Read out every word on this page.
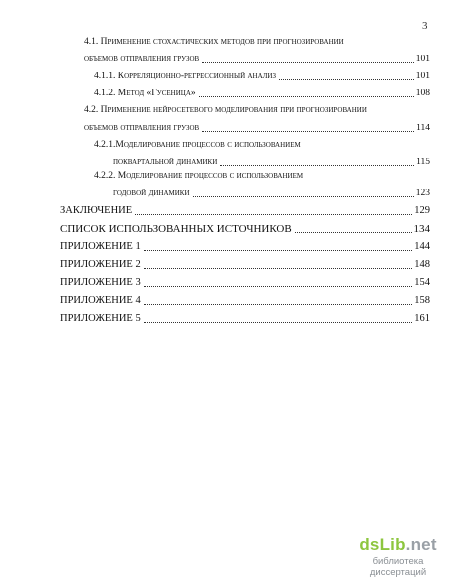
3
4.1. Применение стохастических методов при прогнозировании
объемов отправления грузов	101
4.1.1. Корреляционно-регрессионный анализ	101
4.1.2. Метод «Гусеница»	108
4.2. Применение нейросетевого моделирования при прогнозировании
объемов отправления грузов	114
4.2.1.Моделирование процессов с использованием
поквартальной динамики	115
4.2.2. Моделирование процессов с использованием
годовой динамики	123
ЗАКЛЮЧЕНИЕ	129
СПИСОК ИСПОЛЬЗОВАННЫХ ИСТОЧНИКОВ	134
ПРИЛОЖЕНИЕ 1	144
ПРИЛОЖЕНИЕ 2	148
ПРИЛОЖЕНИЕ 3	154
ПРИЛОЖЕНИЕ 4	158
ПРИЛОЖЕНИЕ 5	161
dsLib.net
библиотека диссертаций
